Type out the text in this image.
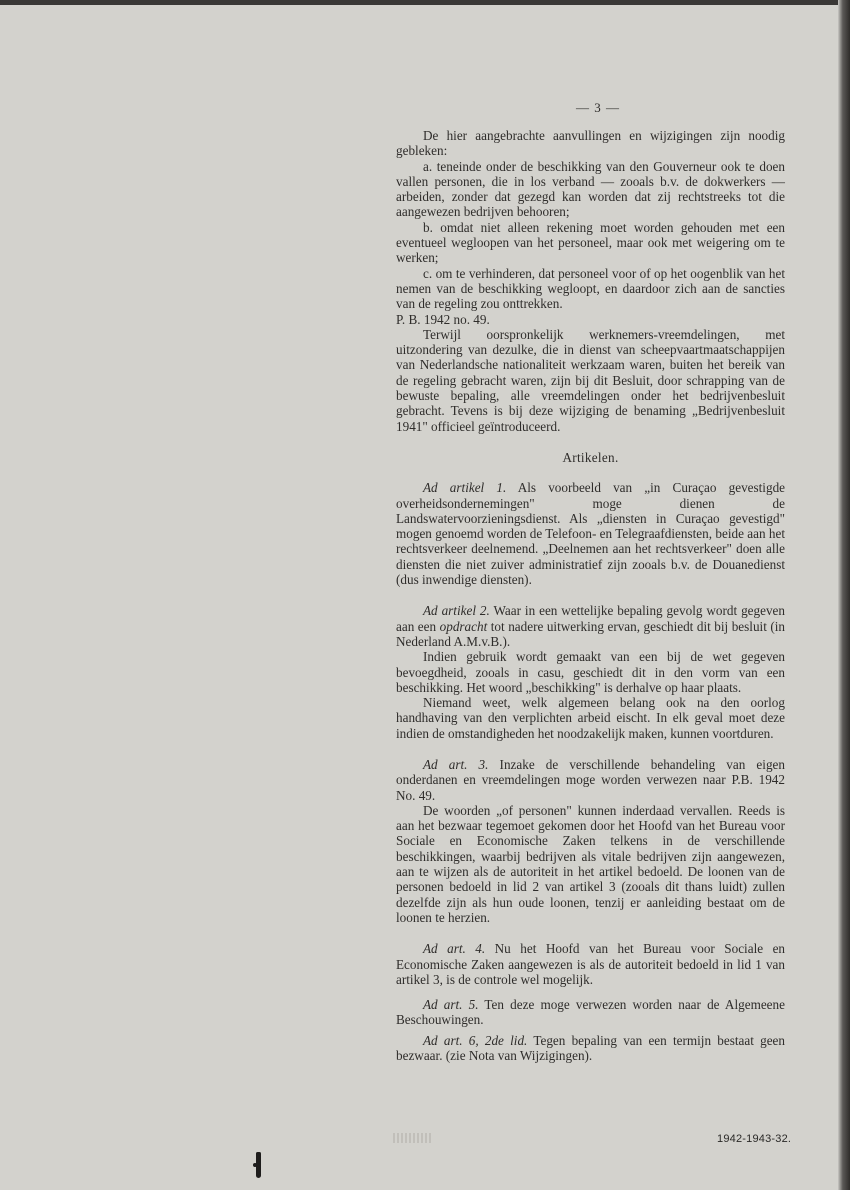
— 3 —

De hier aangebrachte aanvullingen en wijzigingen zijn noodig gebleken:

a. teneinde onder de beschikking van den Gouverneur ook te doen vallen personen, die in los verband — zooals b.v. de dokwerkers — arbeiden, zonder dat gezegd kan worden dat zij rechtstreeks tot die aangewezen bedrijven behooren;

b. omdat niet alleen rekening moet worden gehouden met een eventueel wegloopen van het personeel, maar ook met weigering om te werken;

c. om te verhinderen, dat personeel voor of op het oogenblik van het nemen van de beschikking wegloopt, en daardoor zich aan de sancties van de regeling zou onttrekken.

P. B. 1942 no. 49.

Terwijl oorspronkelijk werknemers-vreemdelingen, met uitzondering van dezulke, die in dienst van scheepvaartmaatschappijen van Nederlandsche nationaliteit werkzaam waren, buiten het bereik van de regeling gebracht waren, zijn bij dit Besluit, door schrapping van de bewuste bepaling, alle vreemdelingen onder het bedrijvenbesluit gebracht. Tevens is bij deze wijziging de benaming „Bedrijvenbesluit 1941" officieel geïntroduceerd.

Artikelen.

Ad artikel 1. Als voorbeeld van „in Curaçao gevestigde overheidsondernemingen" moge dienen de Landswatervoorzieningsdienst. Als „diensten in Curaçao gevestigd" mogen genoemd worden de Telefoon- en Telegraafdiensten, beide aan het rechtsverkeer deelnemend. „Deelnemen aan het rechtsverkeer" doen alle diensten die niet zuiver administratief zijn zooals b.v. de Douanedienst (dus inwendige diensten).

Ad artikel 2. Waar in een wettelijke bepaling gevolg wordt gegeven aan een opdracht tot nadere uitwerking ervan, geschiedt dit bij besluit (in Nederland A.M.v.B.).

Indien gebruik wordt gemaakt van een bij de wet gegeven bevoegdheid, zooals in casu, geschiedt dit in den vorm van een beschikking. Het woord „beschikking" is derhalve op haar plaats.

Niemand weet, welk algemeen belang ook na den oorlog handhaving van den verplichten arbeid eischt. In elk geval moet deze indien de omstandigheden het noodzakelijk maken, kunnen voortduren.

Ad art. 3. Inzake de verschillende behandeling van eigen onderdanen en vreemdelingen moge worden verwezen naar P.B. 1942 No. 49.

De woorden „of personen" kunnen inderdaad vervallen. Reeds is aan het bezwaar tegemoet gekomen door het Hoofd van het Bureau voor Sociale en Economische Zaken telkens in de verschillende beschikkingen, waarbij bedrijven als vitale bedrijven zijn aangewezen, aan te wijzen als de autoriteit in het artikel bedoeld. De loonen van de personen bedoeld in lid 2 van artikel 3 (zooals dit thans luidt) zullen dezelfde zijn als hun oude loonen, tenzij er aanleiding bestaat om de loonen te herzien.

Ad art. 4. Nu het Hoofd van het Bureau voor Sociale en Economische Zaken aangewezen is als de autoriteit bedoeld in lid 1 van artikel 3, is de controle wel mogelijk.

Ad art. 5. Ten deze moge verwezen worden naar de Algemeene Beschouwingen.

Ad art. 6, 2de lid. Tegen bepaling van een termijn bestaat geen bezwaar. (zie Nota van Wijzigingen).

1942-1943-32.
